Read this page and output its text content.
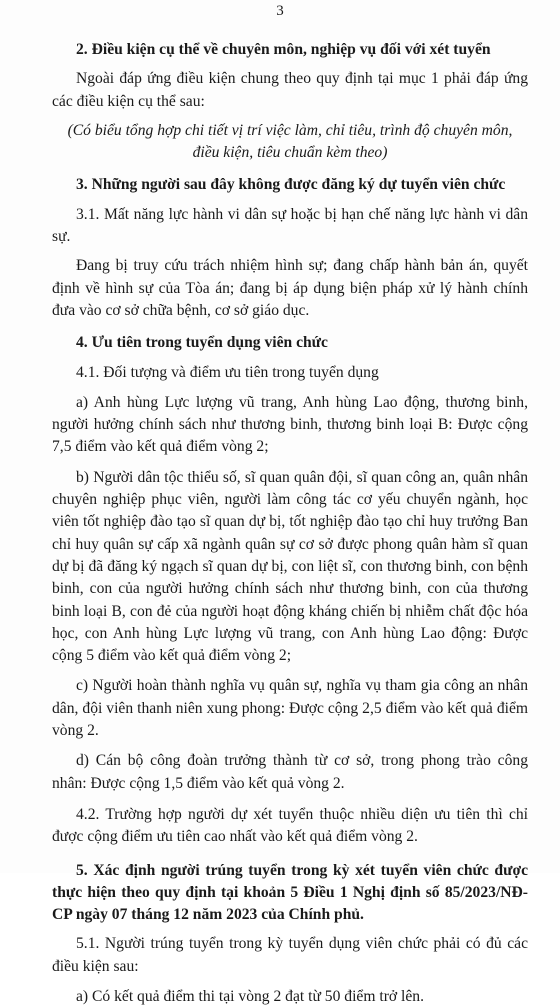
3

2. Điều kiện cụ thể về chuyên môn, nghiệp vụ đối với xét tuyển

Ngoài đáp ứng điều kiện chung theo quy định tại mục 1 phải đáp ứng các điều kiện cụ thể sau:

(Có biểu tổng hợp chi tiết vị trí việc làm, chỉ tiêu, trình độ chuyên môn, điều kiện, tiêu chuẩn kèm theo)

3. Những người sau đây không được đăng ký dự tuyển viên chức

3.1. Mất năng lực hành vi dân sự hoặc bị hạn chế năng lực hành vi dân sự.

Đang bị truy cứu trách nhiệm hình sự; đang chấp hành bản án, quyết định về hình sự của Tòa án; đang bị áp dụng biện pháp xử lý hành chính đưa vào cơ sở chữa bệnh, cơ sở giáo dục.

4. Ưu tiên trong tuyển dụng viên chức

4.1. Đối tượng và điểm ưu tiên trong tuyển dụng

a) Anh hùng Lực lượng vũ trang, Anh hùng Lao động, thương binh, người hưởng chính sách như thương binh, thương binh loại B: Được cộng 7,5 điểm vào kết quả điểm vòng 2;

b) Người dân tộc thiểu số, sĩ quan quân đội, sĩ quan công an, quân nhân chuyên nghiệp phục viên, người làm công tác cơ yếu chuyển ngành, học viên tốt nghiệp đào tạo sĩ quan dự bị, tốt nghiệp đào tạo chỉ huy trưởng Ban chỉ huy quân sự cấp xã ngành quân sự cơ sở được phong quân hàm sĩ quan dự bị đã đăng ký ngạch sĩ quan dự bị, con liệt sĩ, con thương binh, con bệnh binh, con của người hưởng chính sách như thương binh, con của thương binh loại B, con đẻ của người hoạt động kháng chiến bị nhiễm chất độc hóa học, con Anh hùng Lực lượng vũ trang, con Anh hùng Lao động: Được cộng 5 điểm vào kết quả điểm vòng 2;

c) Người hoàn thành nghĩa vụ quân sự, nghĩa vụ tham gia công an nhân dân, đội viên thanh niên xung phong: Được cộng 2,5 điểm vào kết quả điểm vòng 2.

d) Cán bộ công đoàn trưởng thành từ cơ sở, trong phong trào công nhân: Được cộng 1,5 điểm vào kết quả vòng 2.

4.2. Trường hợp người dự xét tuyển thuộc nhiều diện ưu tiên thì chỉ được cộng điểm ưu tiên cao nhất vào kết quả điểm vòng 2.

5. Xác định người trúng tuyển trong kỳ xét tuyển viên chức được thực hiện theo quy định tại khoản 5 Điều 1 Nghị định số 85/2023/NĐ-CP ngày 07 tháng 12 năm 2023 của Chính phủ.

5.1. Người trúng tuyển trong kỳ tuyển dụng viên chức phải có đủ các điều kiện sau:

a) Có kết quả điểm thi tại vòng 2 đạt từ 50 điểm trở lên.
